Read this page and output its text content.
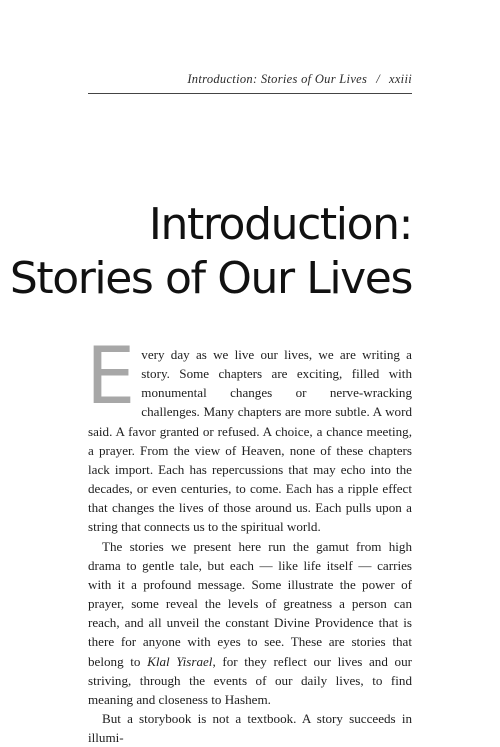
Introduction: Stories of Our Lives / xxiii
Introduction:
Stories of Our Lives

Every day as we live our lives, we are writing a story. Some chapters are exciting, filled with monumental changes or nerve-wracking challenges. Many chapters are more subtle. A word said. A favor granted or refused. A choice, a chance meeting, a prayer. From the view of Heaven, none of these chapters lack import. Each has repercussions that may echo into the decades, or even centuries, to come. Each has a ripple effect that changes the lives of those around us. Each pulls upon a string that connects us to the spiritual world.

The stories we present here run the gamut from high drama to gentle tale, but each — like life itself — carries with it a profound message. Some illustrate the power of prayer, some reveal the levels of greatness a person can reach, and all unveil the constant Divine Providence that is there for anyone with eyes to see. These are stories that belong to Klal Yisrael, for they reflect our lives and our striving, through the events of our daily lives, to find meaning and closeness to Hashem.

But a storybook is not a textbook. A story succeeds in illumi-
